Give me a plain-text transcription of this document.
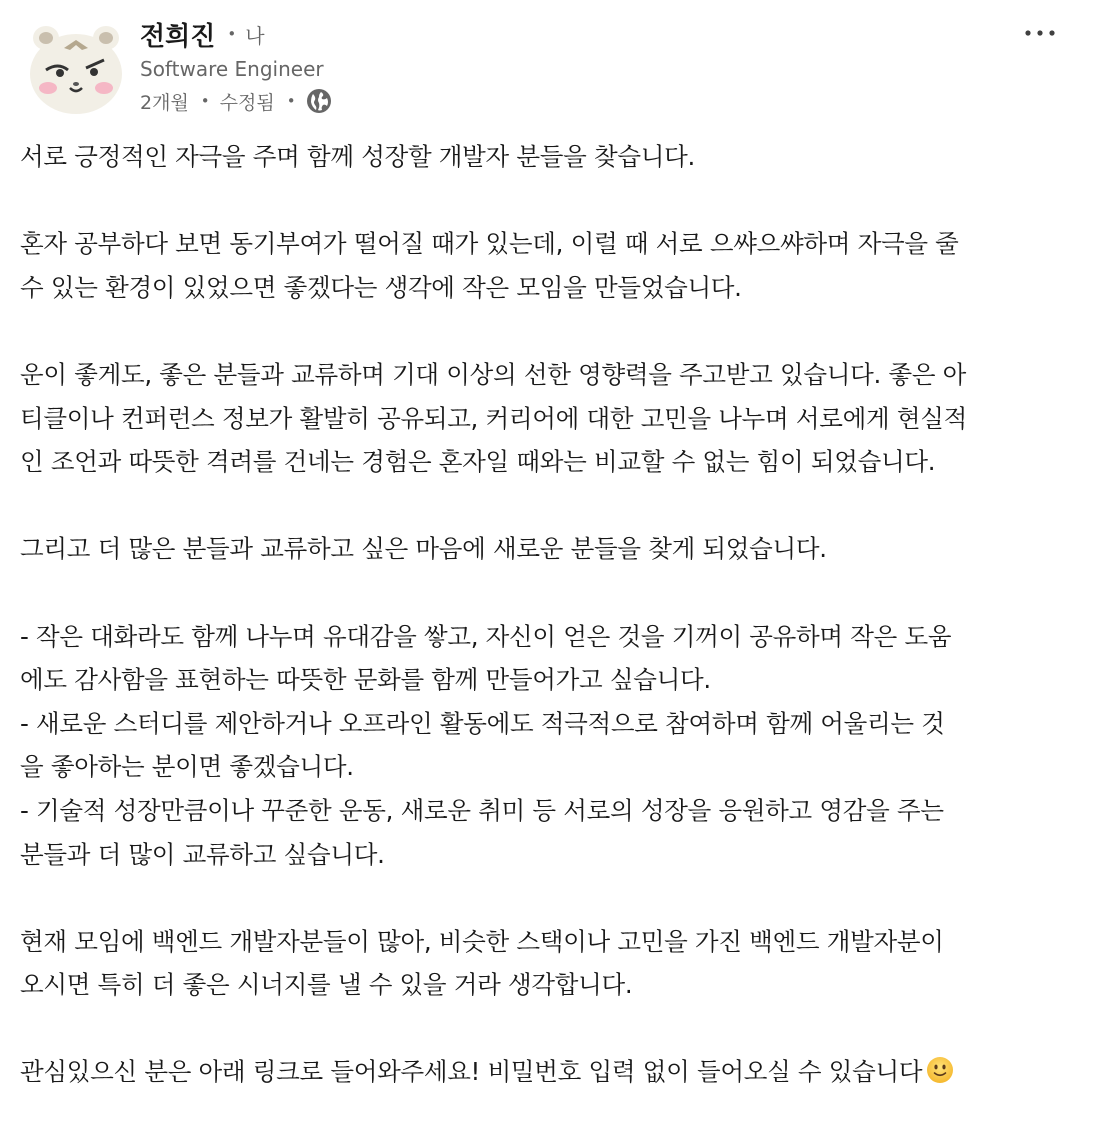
전희진 • 나
Software Engineer
2개월 • 수정됨 •

서로 긍정적인 자극을 주며 함께 성장할 개발자 분들을 찾습니다.

혼자 공부하다 보면 동기부여가 떨어질 때가 있는데, 이럴 때 서로 으쌰으쌰하며 자극을 줄

수 있는 환경이 있었으면 좋겠다는 생각에 작은 모임을 만들었습니다.

운이 좋게도, 좋은 분들과 교류하며 기대 이상의 선한 영향력을 주고받고 있습니다. 좋은 아

티클이나 컨퍼런스 정보가 활발히 공유되고, 커리어에 대한 고민을 나누며 서로에게 현실적

인 조언과 따뜻한 격려를 건네는 경험은 혼자일 때와는 비교할 수 없는 힘이 되었습니다.

그리고 더 많은 분들과 교류하고 싶은 마음에 새로운 분들을 찾게 되었습니다.

- 작은 대화라도 함께 나누며 유대감을 쌓고, 자신이 얻은 것을 기꺼이 공유하며 작은 도움

에도 감사함을 표현하는 따뜻한 문화를 함께 만들어가고 싶습니다.

- 새로운 스터디를 제안하거나 오프라인 활동에도 적극적으로 참여하며 함께 어울리는 것

을 좋아하는 분이면 좋겠습니다.

- 기술적 성장만큼이나 꾸준한 운동, 새로운 취미 등 서로의 성장을 응원하고 영감을 주는

분들과 더 많이 교류하고 싶습니다.

현재 모임에 백엔드 개발자분들이 많아, 비슷한 스택이나 고민을 가진 백엔드 개발자분이

오시면 특히 더 좋은 시너지를 낼 수 있을 거라 생각합니다.

관심있으신 분은 아래 링크로 들어와주세요! 비밀번호 입력 없이 들어오실 수 있습니다
